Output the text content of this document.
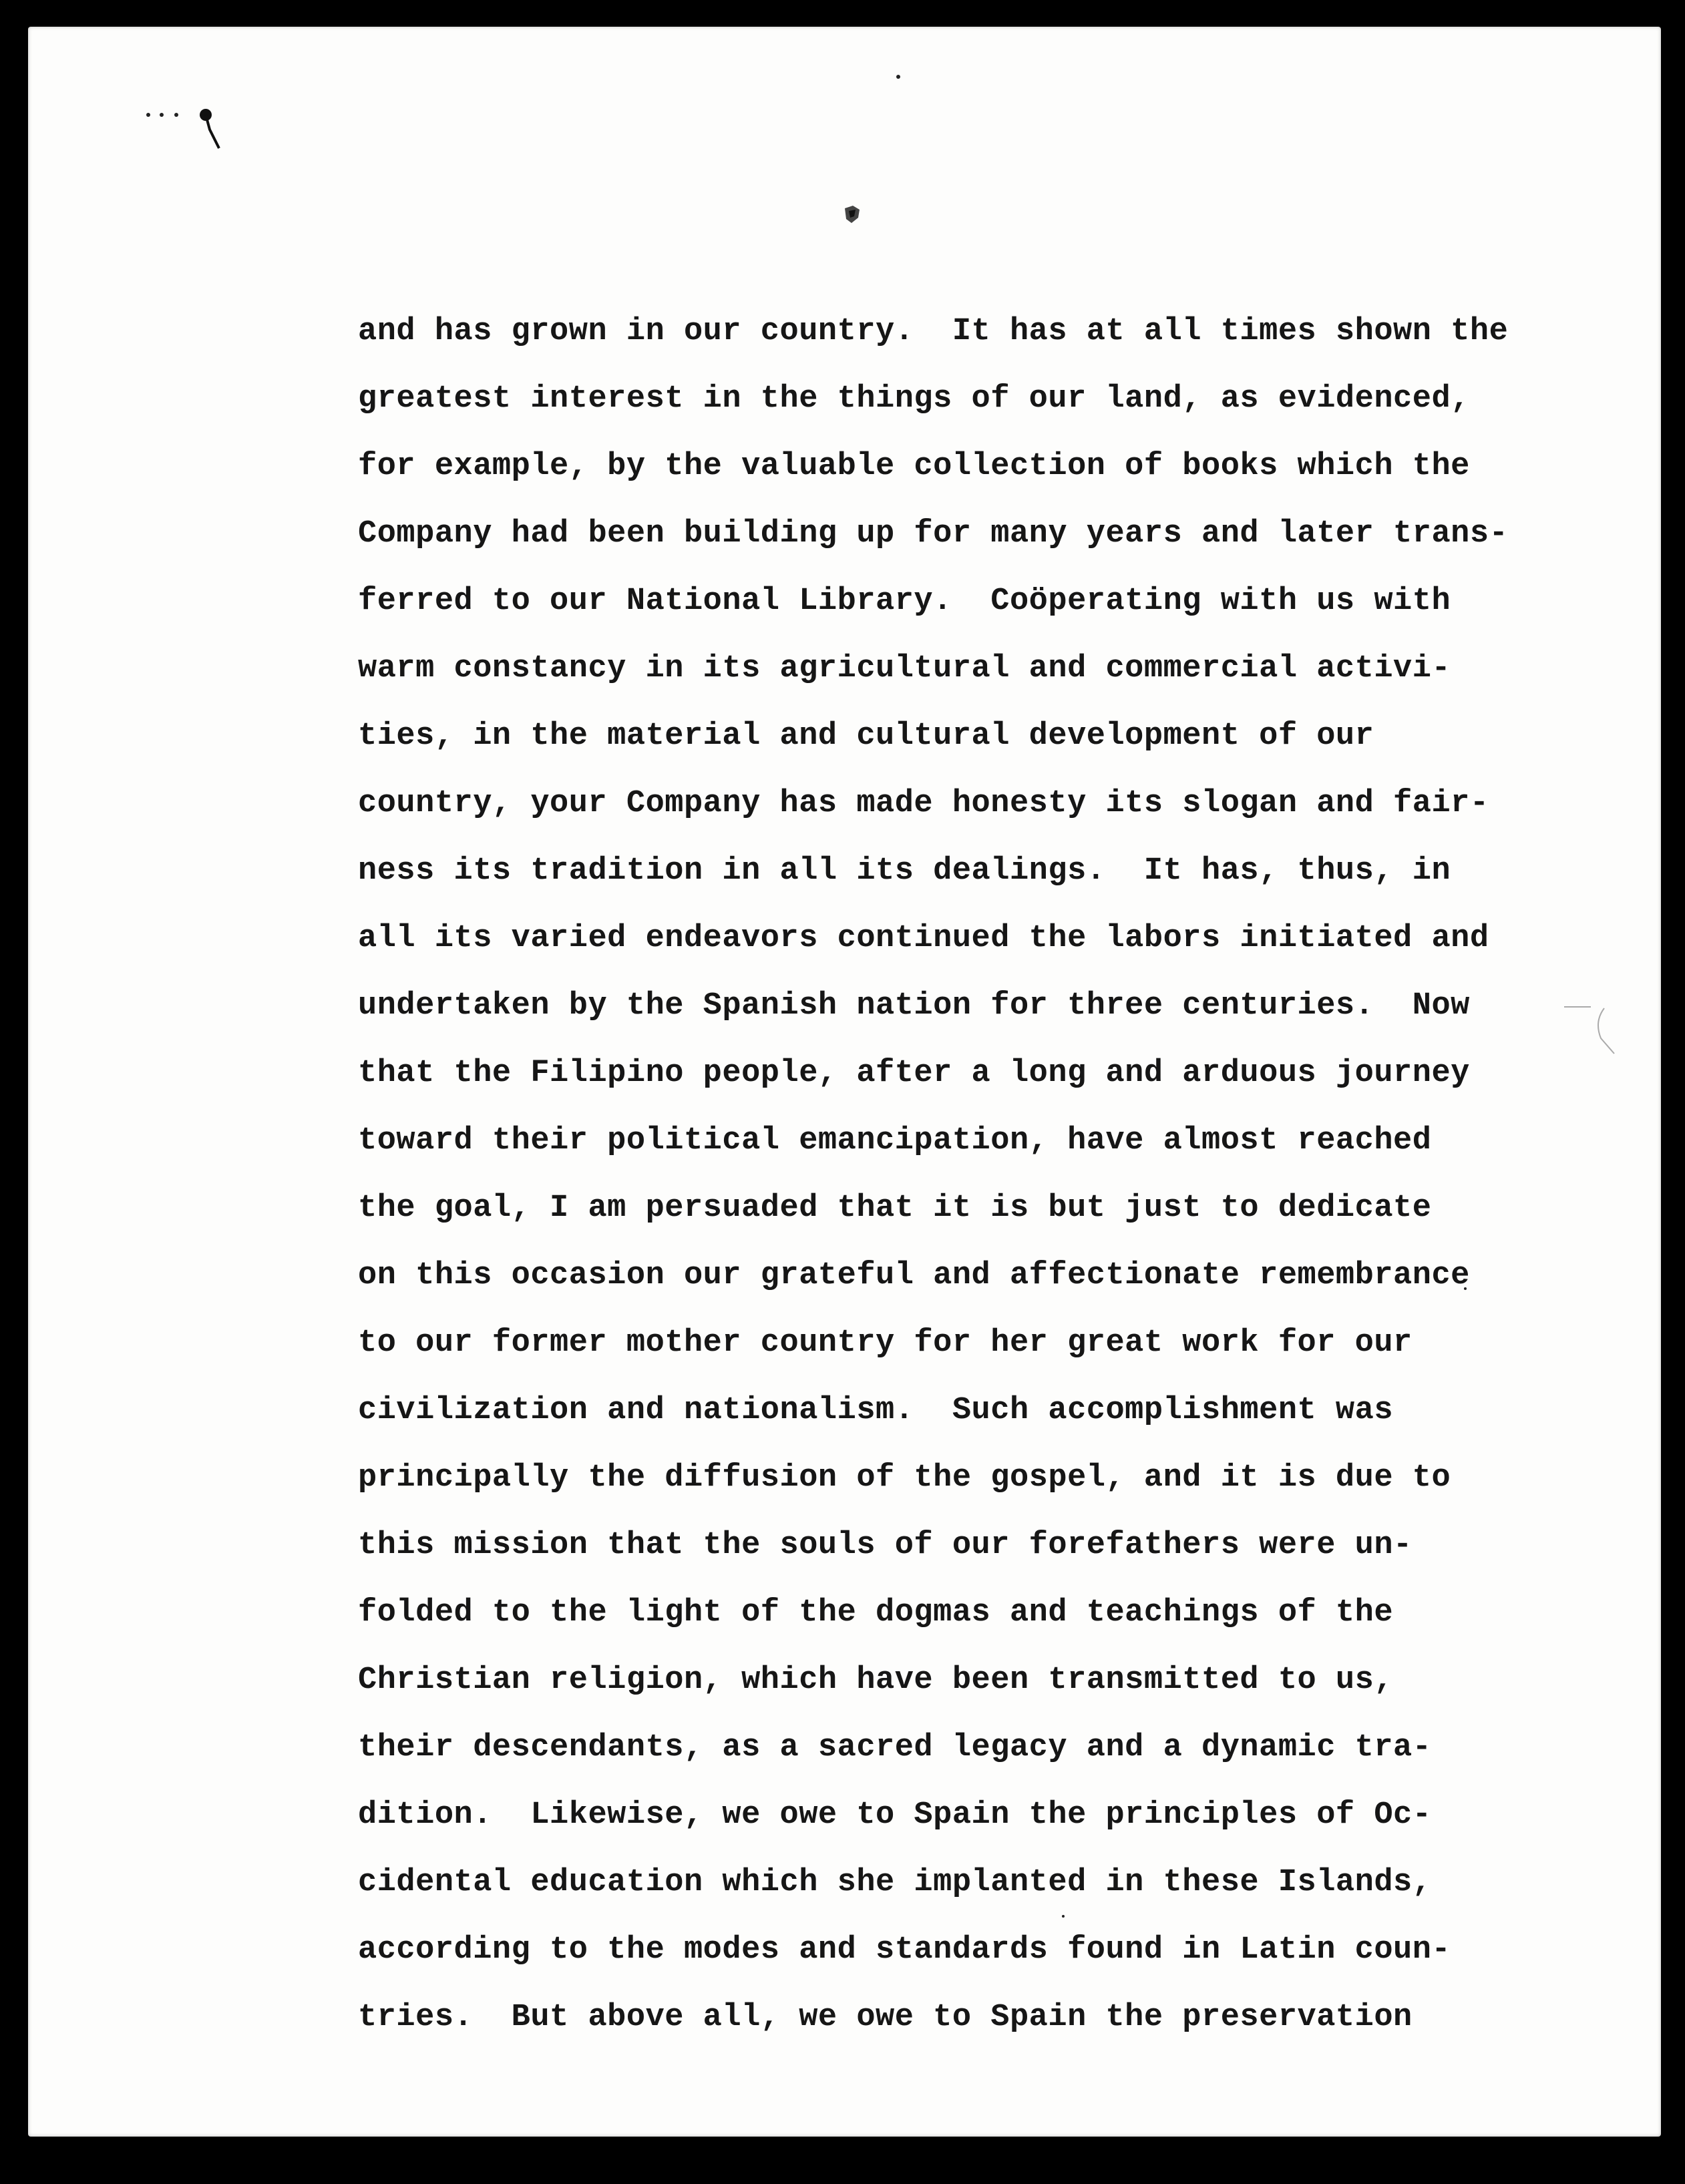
and has grown in our country.  It has at all times shown the
greatest interest in the things of our land, as evidenced,
for example, by the valuable collection of books which the
Company had been building up for many years and later trans-
ferred to our National Library.  Coöperating with us with
warm constancy in its agricultural and commercial activi-
ties, in the material and cultural development of our
country, your Company has made honesty its slogan and fair-
ness its tradition in all its dealings.  It has, thus, in
all its varied endeavors continued the labors initiated and
undertaken by the Spanish nation for three centuries.  Now
that the Filipino people, after a long and arduous journey
toward their political emancipation, have almost reached
the goal, I am persuaded that it is but just to dedicate
on this occasion our grateful and affectionate remembrance
to our former mother country for her great work for our
civilization and nationalism.  Such accomplishment was
principally the diffusion of the gospel, and it is due to
this mission that the souls of our forefathers were un-
folded to the light of the dogmas and teachings of the
Christian religion, which have been transmitted to us,
their descendants, as a sacred legacy and a dynamic tra-
dition.  Likewise, we owe to Spain the principles of Oc-
cidental education which she implanted in these Islands,
according to the modes and standards found in Latin coun-
tries.  But above all, we owe to Spain the preservation
